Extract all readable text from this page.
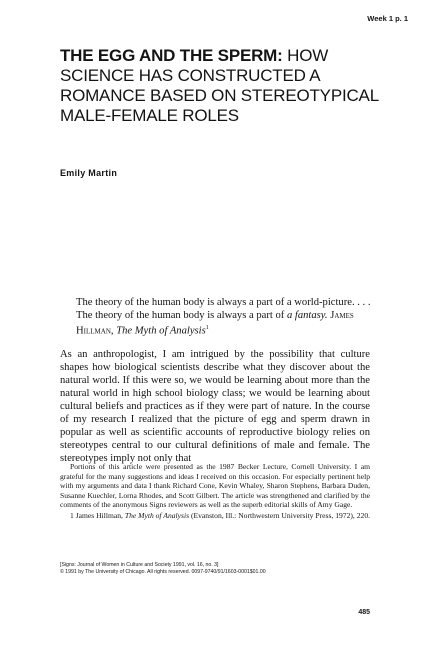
Week 1 p. 1
THE EGG AND THE SPERM: HOW SCIENCE HAS CONSTRUCTED A ROMANCE BASED ON STEREOTYPICAL MALE-FEMALE ROLES
Emily Martin

The theory of the human body is always a part of a world-picture. . . . The theory of the human body is always a part of a fantasy. James Hillman, The Myth of Analysis$^1$

As an anthropologist, I am intrigued by the possibility that culture shapes how biological scientists describe what they discover about the natural world. If this were so, we would be learning about more than the natural world in high school biology class; we would be learning about cultural beliefs and practices as if they were part of nature. In the course of my research I realized that the picture of egg and sperm drawn in popular as well as scientific accounts of reproductive biology relies on stereotypes central to our cultural definitions of male and female. The stereotypes imply not only that

Portions of this article were presented as the 1987 Becker Lecture, Cornell University. I am grateful for the many suggestions and ideas I received on this occasion. For especially pertinent help with my arguments and data I thank Richard Cone, Kevin Whaley, Sharon Stephens, Barbara Duden, Susanne Kuechler, Lorna Rhodes, and Scott Gilbert. The article was strengthened and clarified by the comments of the anonymous Signs reviewers as well as the superb editorial skills of Amy Gage.

1 James Hillman, The Myth of Analysis (Evanston, Ill.: Northwestern University Press, 1972), 220.

[Signs: Journal of Women in Culture and Society 1991, vol. 16, no. 3]
© 1991 by The University of Chicago. All rights reserved. 0097-9740/91/1603-0001$01.00
485
